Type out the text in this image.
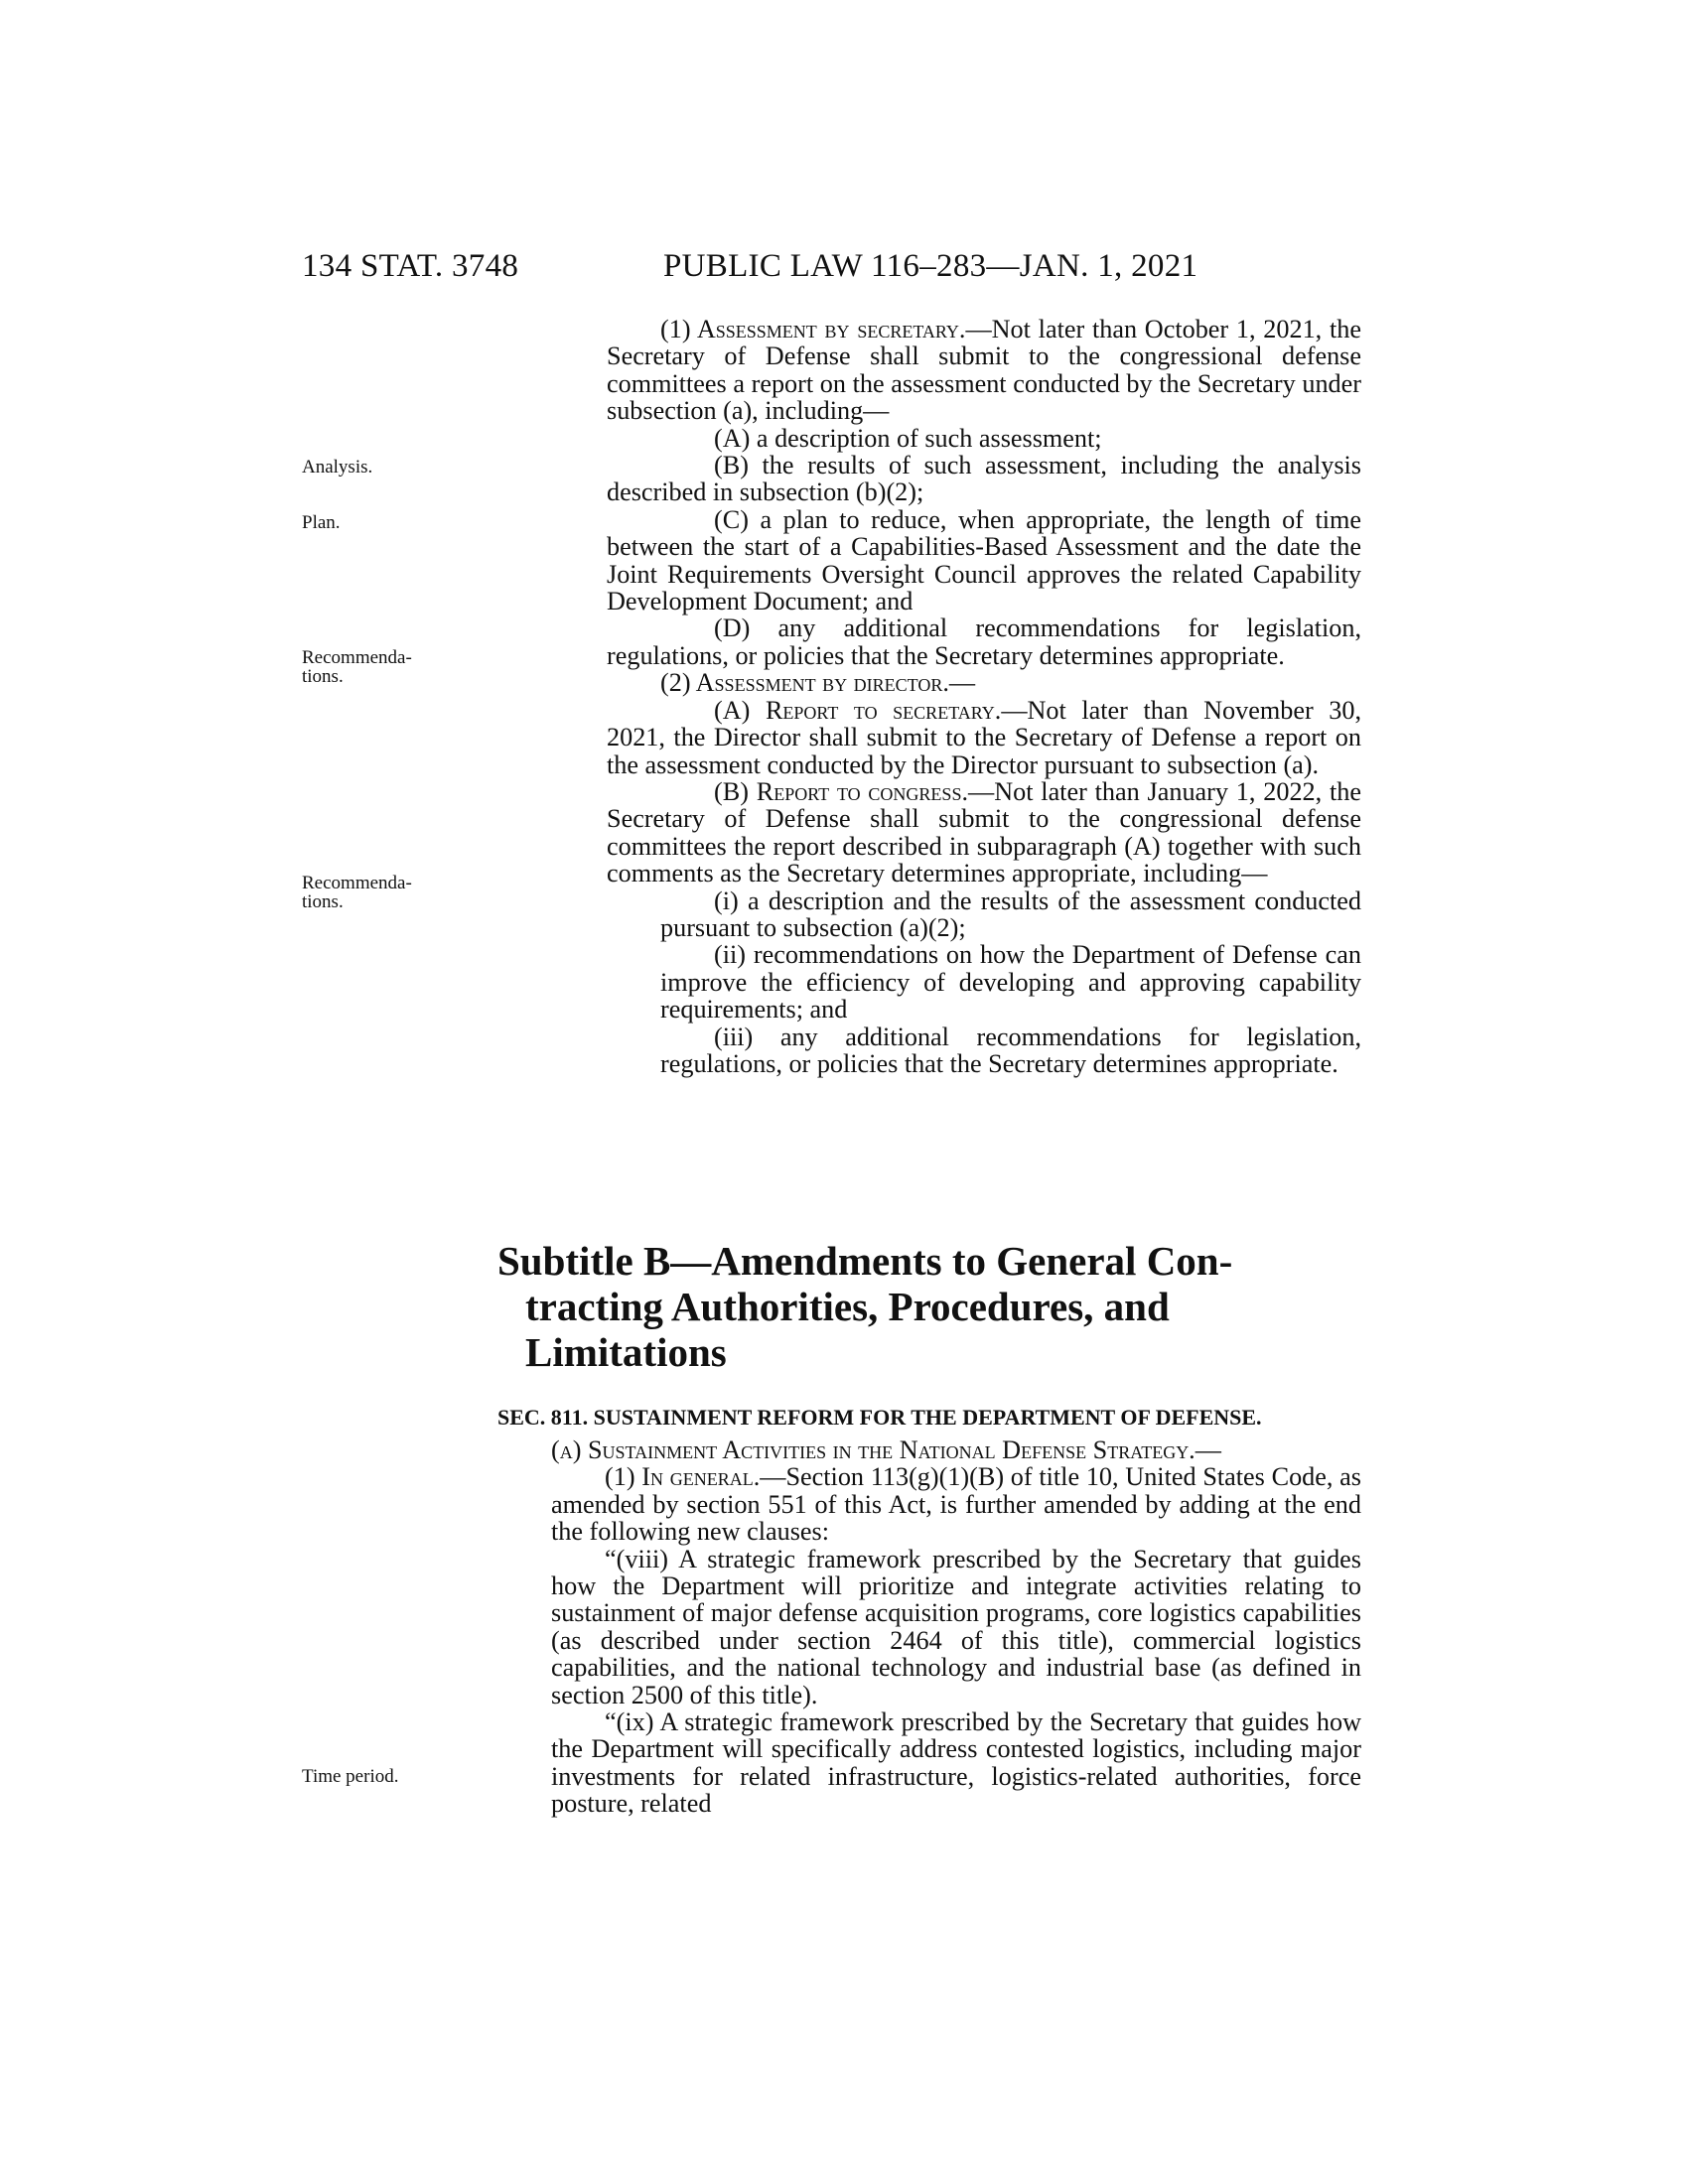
134 STAT. 3748	PUBLIC LAW 116–283—JAN. 1, 2021
Analysis.
Plan.
Recommenda-
tions.
Recommenda-
tions.
Time period.

(1) Assessment by secretary.—Not later than October 1, 2021, the Secretary of Defense shall submit to the congressional defense committees a report on the assessment conducted by the Secretary under subsection (a), including—

(A) a description of such assessment;

(B) the results of such assessment, including the analysis described in subsection (b)(2);

(C) a plan to reduce, when appropriate, the length of time between the start of a Capabilities-Based Assessment and the date the Joint Requirements Oversight Council approves the related Capability Development Document; and

(D) any additional recommendations for legislation, regulations, or policies that the Secretary determines appropriate.

(2) Assessment by director.—

(A) Report to secretary.—Not later than November 30, 2021, the Director shall submit to the Secretary of Defense a report on the assessment conducted by the Director pursuant to subsection (a).

(B) Report to congress.—Not later than January 1, 2022, the Secretary of Defense shall submit to the congressional defense committees the report described in subparagraph (A) together with such comments as the Secretary determines appropriate, including—

(i) a description and the results of the assessment conducted pursuant to subsection (a)(2);

(ii) recommendations on how the Department of Defense can improve the efficiency of developing and approving capability requirements; and

(iii) any additional recommendations for legislation, regulations, or policies that the Secretary determines appropriate.

Subtitle B—Amendments to General Con-
tracting Authorities, Procedures, and
Limitations
SEC. 811. SUSTAINMENT REFORM FOR THE DEPARTMENT OF DEFENSE.

(a) Sustainment Activities in the National Defense Strategy.—

(1) In general.—Section 113(g)(1)(B) of title 10, United States Code, as amended by section 551 of this Act, is further amended by adding at the end the following new clauses:

“(viii) A strategic framework prescribed by the Secretary that guides how the Department will prioritize and integrate activities relating to sustainment of major defense acquisition programs, core logistics capabilities (as described under section 2464 of this title), commercial logistics capabilities, and the national technology and industrial base (as defined in section 2500 of this title).

“(ix) A strategic framework prescribed by the Secretary that guides how the Department will specifically address contested logistics, including major investments for related infrastructure, logistics-related authorities, force posture, related
